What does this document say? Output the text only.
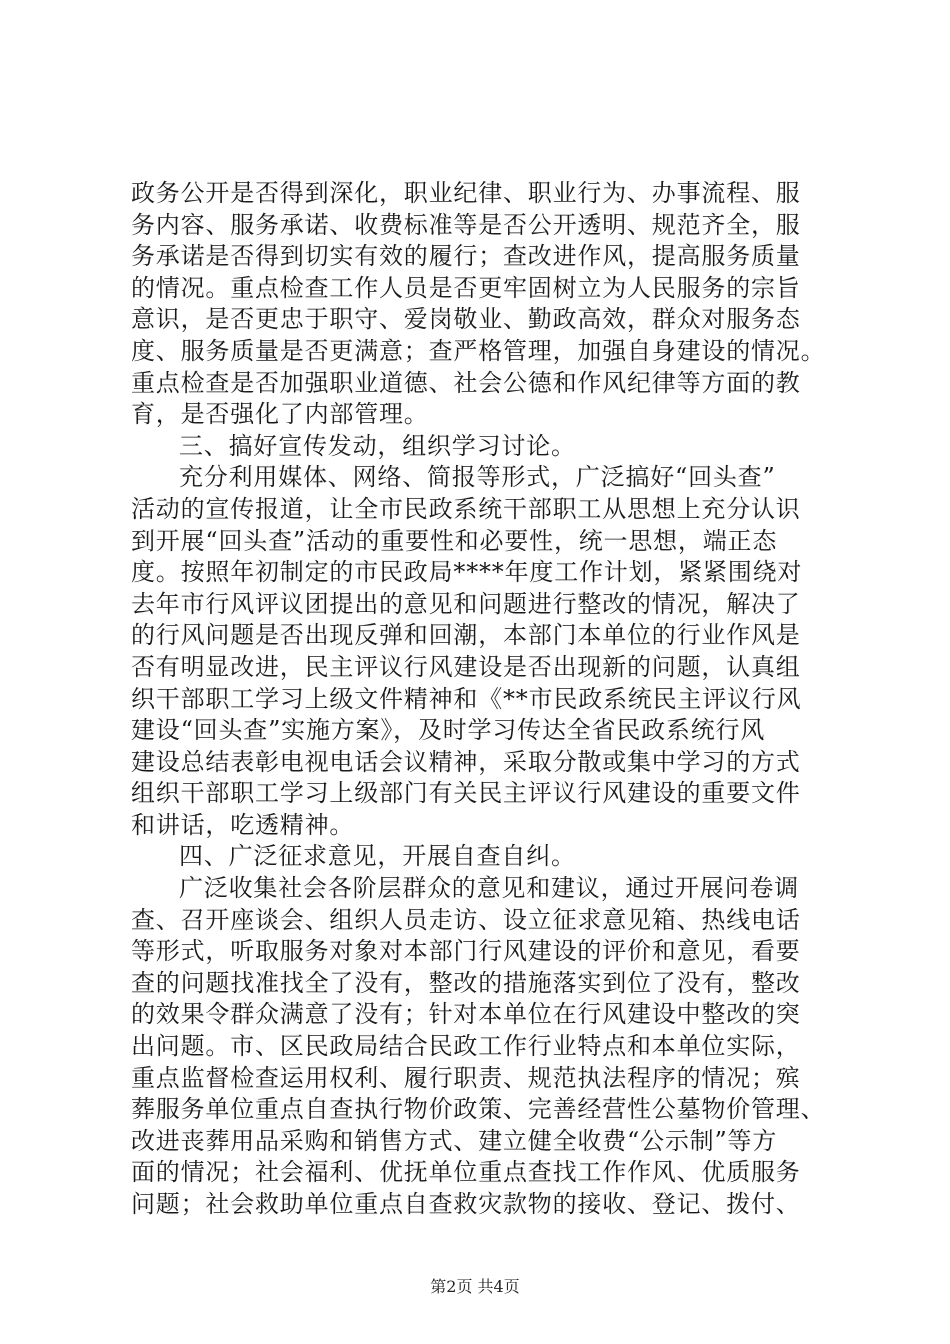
政务公开是否得到深化，职业纪律、职业行为、办事流程、服
务内容、服务承诺、收费标准等是否公开透明、规范齐全，服
务承诺是否得到切实有效的履行；查改进作风，提高服务质量
的情况。重点检查工作人员是否更牢固树立为人民服务的宗旨
意识，是否更忠于职守、爱岗敬业、勤政高效，群众对服务态
度、服务质量是否更满意；查严格管理，加强自身建设的情况。
重点检查是否加强职业道德、社会公德和作风纪律等方面的教
育，是否强化了内部管理。
三、搞好宣传发动，组织学习讨论。
充分利用媒体、网络、简报等形式，广泛搞好“回头查”
活动的宣传报道，让全市民政系统干部职工从思想上充分认识
到开展“回头查”活动的重要性和必要性，统一思想，端正态
度。按照年初制定的市民政局****年度工作计划，紧紧围绕对
去年市行风评议团提出的意见和问题进行整改的情况，解决了
的行风问题是否出现反弹和回潮，本部门本单位的行业作风是
否有明显改进，民主评议行风建设是否出现新的问题，认真组
织干部职工学习上级文件精神和《**市民政系统民主评议行风
建设“回头查”实施方案》，及时学习传达全省民政系统行风
建设总结表彰电视电话会议精神，采取分散或集中学习的方式
组织干部职工学习上级部门有关民主评议行风建设的重要文件
和讲话，吃透精神。
四、广泛征求意见，开展自查自纠。
广泛收集社会各阶层群众的意见和建议，通过开展问卷调
查、召开座谈会、组织人员走访、设立征求意见箱、热线电话
等形式，听取服务对象对本部门行风建设的评价和意见，看要
查的问题找准找全了没有，整改的措施落实到位了没有，整改
的效果令群众满意了没有；针对本单位在行风建设中整改的突
出问题。市、区民政局结合民政工作行业特点和本单位实际，
重点监督检查运用权利、履行职责、规范执法程序的情况；殡
葬服务单位重点自查执行物价政策、完善经营性公墓物价管理、
改进丧葬用品采购和销售方式、建立健全收费“公示制”等方
面的情况；社会福利、优抚单位重点查找工作作风、优质服务
问题；社会救助单位重点自查救灾款物的接收、登记、拨付、
第2页 共4页
